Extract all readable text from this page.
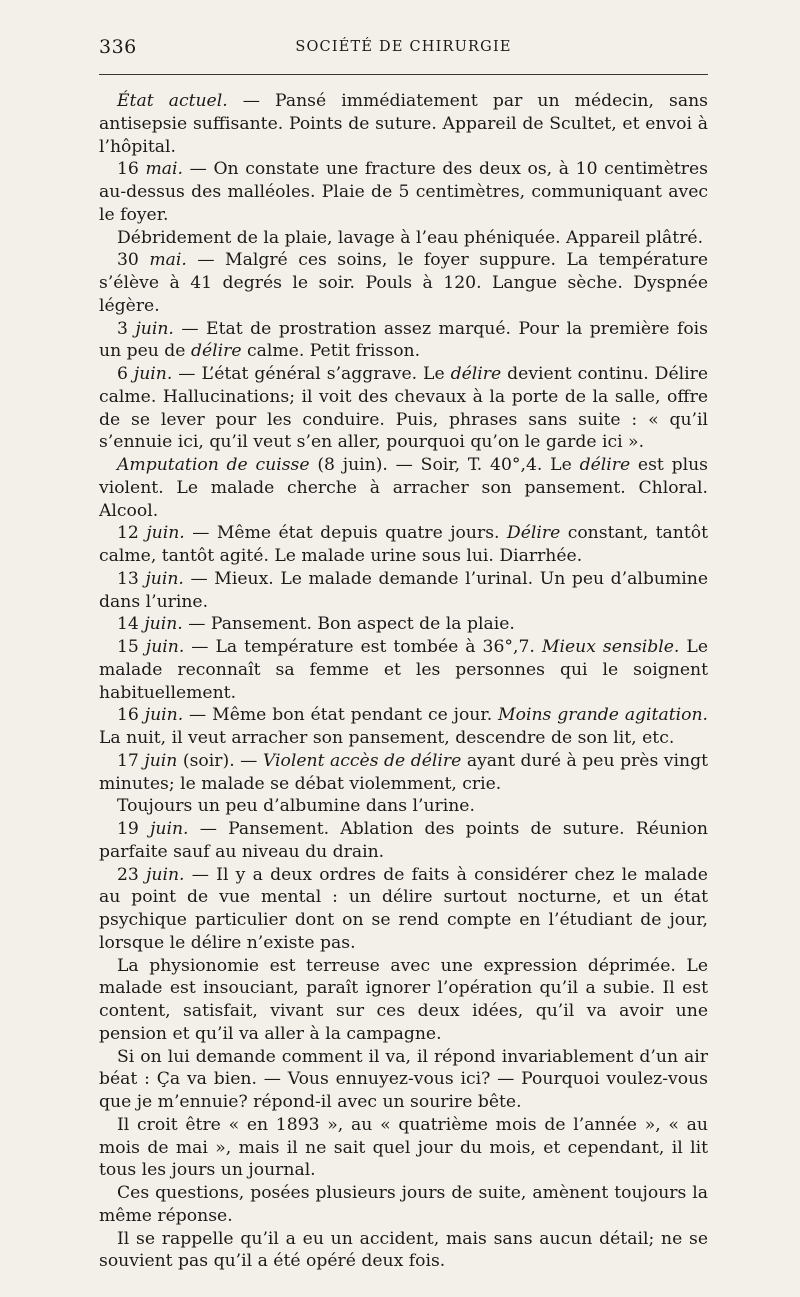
336	SOCIÉTÉ DE CHIRURGIE

État actuel. — Pansé immédiatement par un médecin, sans antisepsie suffisante. Points de suture. Appareil de Scultet, et envoi à l’hôpital.

16 mai. — On constate une fracture des deux os, à 10 centimètres au-dessus des malléoles. Plaie de 5 centimètres, communiquant avec le foyer.

Débridement de la plaie, lavage à l’eau phéniquée. Appareil plâtré.

30 mai. — Malgré ces soins, le foyer suppure. La température s’élève à 41 degrés le soir. Pouls à 120. Langue sèche. Dyspnée légère.

3 juin. — Etat de prostration assez marqué. Pour la première fois un peu de délire calme. Petit frisson.

6 juin. — L’état général s’aggrave. Le délire devient continu. Délire calme. Hallucinations; il voit des chevaux à la porte de la salle, offre de se lever pour les conduire. Puis, phrases sans suite : « qu’il s’ennuie ici, qu’il veut s’en aller, pourquoi qu’on le garde ici ».

Amputation de cuisse (8 juin). — Soir, T. 40°,4. Le délire est plus violent. Le malade cherche à arracher son pansement. Chloral. Alcool.

12 juin. — Même état depuis quatre jours. Délire constant, tantôt calme, tantôt agité. Le malade urine sous lui. Diarrhée.

13 juin. — Mieux. Le malade demande l’urinal. Un peu d’albumine dans l’urine.

14 juin. — Pansement. Bon aspect de la plaie.

15 juin. — La température est tombée à 36°,7. Mieux sensible. Le malade reconnaît sa femme et les personnes qui le soignent habituellement.

16 juin. — Même bon état pendant ce jour. Moins grande agitation. La nuit, il veut arracher son pansement, descendre de son lit, etc.

17 juin (soir). — Violent accès de délire ayant duré à peu près vingt minutes; le malade se débat violemment, crie.

Toujours un peu d’albumine dans l’urine.

19 juin. — Pansement. Ablation des points de suture. Réunion parfaite sauf au niveau du drain.

23 juin. — Il y a deux ordres de faits à considérer chez le malade au point de vue mental : un délire surtout nocturne, et un état psychique particulier dont on se rend compte en l’étudiant de jour, lorsque le délire n’existe pas.

La physionomie est terreuse avec une expression déprimée. Le malade est insouciant, paraît ignorer l’opération qu’il a subie. Il est content, satisfait, vivant sur ces deux idées, qu’il va avoir une pension et qu’il va aller à la campagne.

Si on lui demande comment il va, il répond invariablement d’un air béat : Ça va bien. — Vous ennuyez-vous ici? — Pourquoi voulez-vous que je m’ennuie? répond-il avec un sourire bête.

Il croit être « en 1893 », au « quatrième mois de l’année », « au mois de mai », mais il ne sait quel jour du mois, et cependant, il lit tous les jours un journal.

Ces questions, posées plusieurs jours de suite, amènent toujours la même réponse.

Il se rappelle qu’il a eu un accident, mais sans aucun détail; ne se souvient pas qu’il a été opéré deux fois.
